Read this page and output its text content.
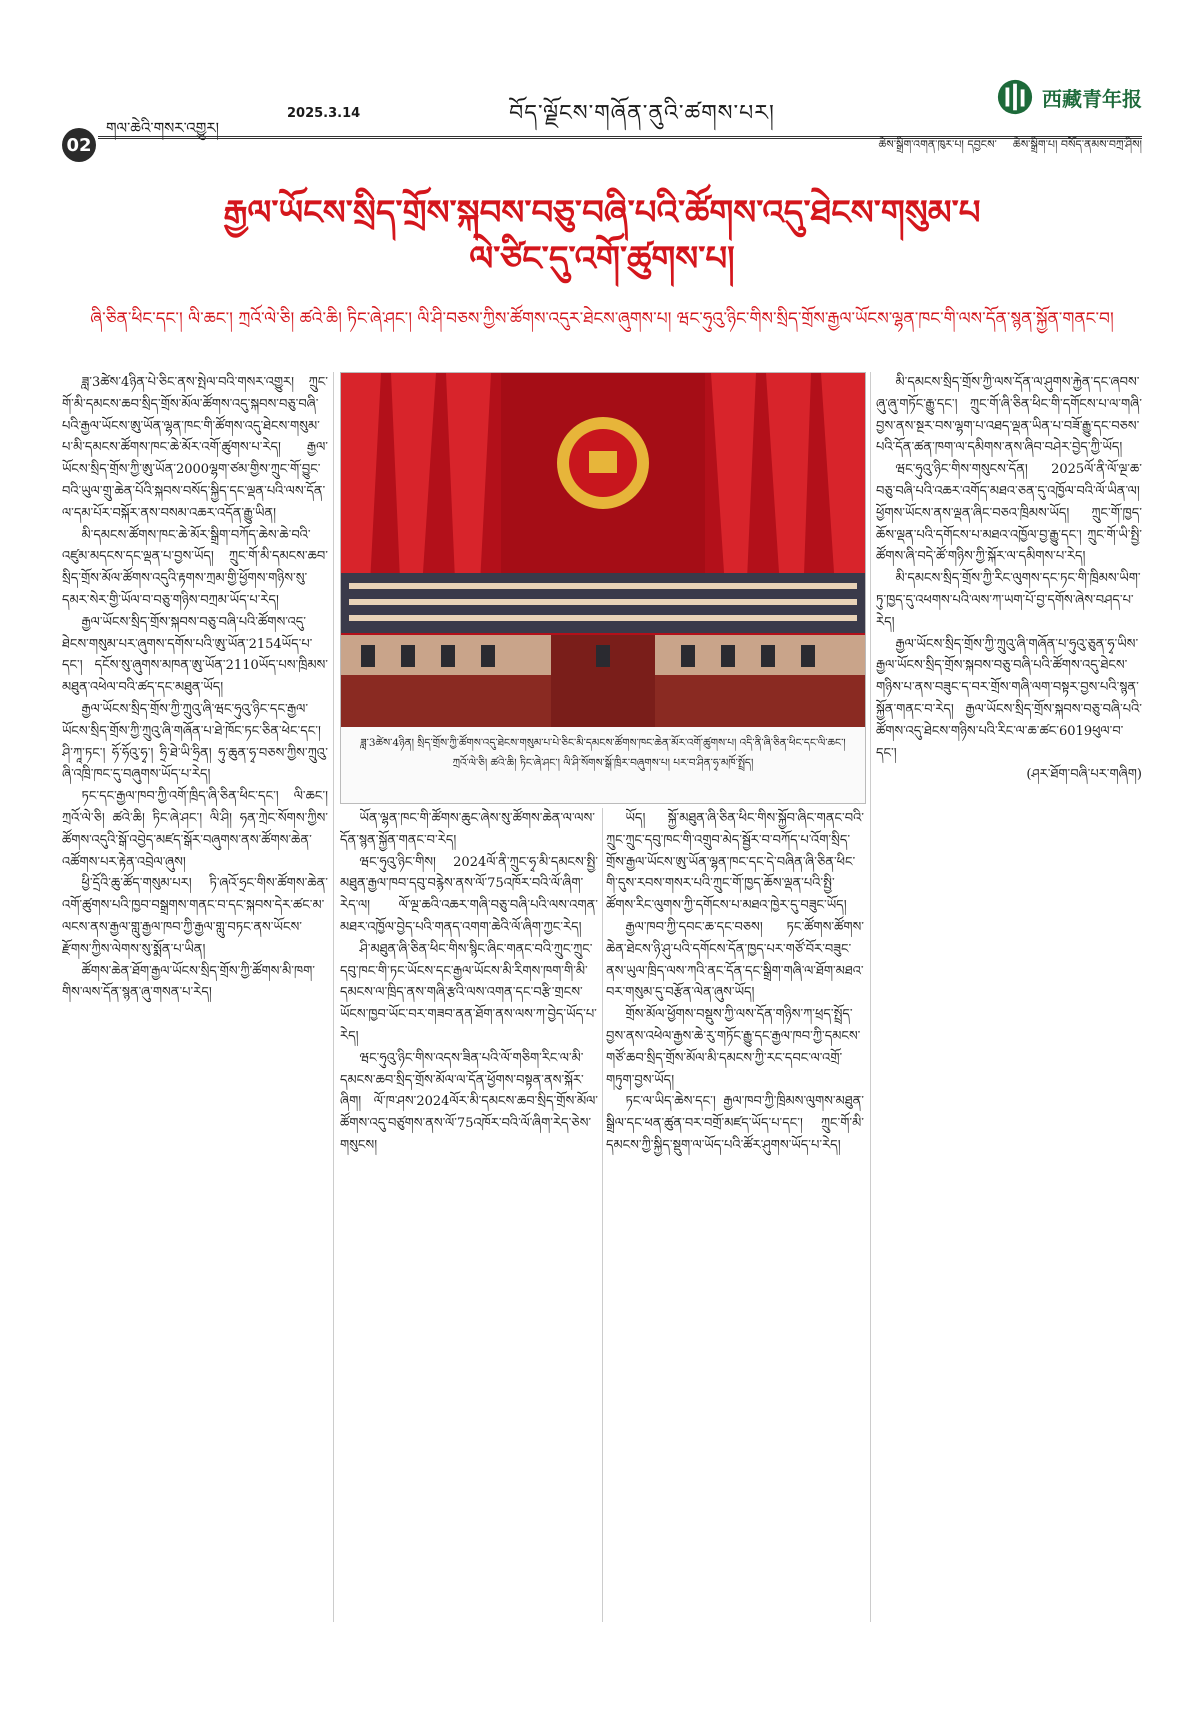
西藏青年报
བོད་ལྗོངས་གཞོན་ནུའི་ཚགས་པར།
02
གལ་ཆེའི་གསར་འགྱུར།
2025.3.14
ཆེས་སྒྲིག་འགན་ཁུར་པ། དབྱངས་ ཆེས་སྒྲིག་པ། བསོད་ནམས་བཀྲ་ཤིས།
རྒྱལ་ཡོངས་སྲིད་གྲོས་སྐབས་བཅུ་བཞི་པའི་ཚོགས་འདུ་ཐེངས་གསུམ་པ
ལེ་ཙིང་དུ་འགོ་ཚུགས་པ།
ཞི་ཅིན་ཕིང་དང་། ལི་ཆང་། ཀྲའོ་ལེ་ཅི། ཚའེ་ཆི། ཏིང་ཞེ་ཤང་། ལི་ཤི་བཅས་ཀྱིས་ཚོགས་འདུར་ཐེངས་ཞུགས་པ། ཝང་ཧུའུ་ཉིང་གིས་སྲིད་གྲོས་རྒྱལ་ཡོངས་ལྷན་ཁང་གི་ལས་དོན་སྙན་སྐྱོན་གནང་བ།
ཟླ་3ཚེས་4ཉིན། སྲིད་གྲོས་ཀྱི་ཚོགས་འདུ་ཐེངས་གསུམ་པ་པེ་ཅིང་མི་དམངས་ཚོགས་ཁང་ཆེན་མོར་འགོ་ཚུགས་པ། འདི་ནི་ཞི་ཅིན་ཕིང་དང་ལི་ཆང་། ཀྲའོ་ལེ་ཅི། ཚའེ་ཆི། ཏིང་ཞེ་ཤང་། ལི་ཤི་སོགས་སྒོ་ཁྲིར་བཞུགས་པ། པར་བ་ཤིན་ཧྭ་མཁོ་སྤྲོད།

ཟླ་3ཚེས་4ཉིན་པེ་ཅིང་ནས་སྤེལ་བའི་གསར་འགྱུར། ཀྲུང་གོ་མི་དམངས་ཆབ་སྲིད་གྲོས་མོལ་ཚོགས་འདུ་སྐབས་བཅུ་བཞི་པའི་རྒྱལ་ཡོངས་ཨུ་ཡོན་ལྷན་ཁང་གི་ཚོགས་འདུ་ཐེངས་གསུམ་པ་མི་དམངས་ཚོགས་ཁང་ཆེ་མོར་འགོ་ཚུགས་པ་རེད། རྒྱལ་ཡོངས་སྲིད་གྲོས་ཀྱི་ཨུ་ཡོན་2000ལྷག་ཙམ་གྱིས་ཀྲུང་གོ་བྱུང་བའི་ཡུལ་གྲུ་ཆེན་པོའི་སྐབས་བསོད་སྐྱིད་དང་ལྡན་པའི་ལས་དོན་ལ་དམ་པོར་བསྐོར་ནས་བསམ་འཆར་འདོན་རྒྱུ་ཡིན།

མི་དམངས་ཚོགས་ཁང་ཆེ་མོར་སྒྲིག་བཀོད་ཆེས་ཆེ་བའི་འཛུམ་མདངས་དང་ལྡན་པ་བྱས་ཡོད། ཀྲུང་གོ་མི་དམངས་ཆབ་སྲིད་གྲོས་མོལ་ཚོགས་འདུའི་རྟགས་ཀྲམ་གྱི་ཕྱོགས་གཉིས་སུ་དམར་སེར་གྱི་ཡོལ་བ་བཅུ་གཉིས་བཀྲམ་ཡོད་པ་རེད།

རྒྱལ་ཡོངས་སྲིད་གྲོས་སྐབས་བཅུ་བཞི་པའི་ཚོགས་འདུ་ཐེངས་གསུམ་པར་ཞུགས་དགོས་པའི་ཨུ་ཡོན་2154ཡོད་པ་དང་། དངོས་སུ་ཞུགས་མཁན་ཨུ་ཡོན་2110ཡོད་པས་ཁྲིམས་མཐུན་འཕེལ་བའི་ཚད་དང་མཐུན་ཡོད།

རྒྱལ་ཡོངས་སྲིད་གྲོས་ཀྱི་ཀྲུའུ་ཞི་ཝང་ཧུའུ་ཉིང་དང་རྒྱལ་ཡོངས་སྲིད་གྲོས་ཀྱི་ཀྲུའུ་ཞི་གཞོན་པ་ཐེ་ཁོང་ཏང་ཅིན་ཕེང་དང་། ཤི་ཀཱ་ཏང་། ཧོ་ཧོའུ་ཧྭ་། ཧྲི་ཐེ་ཡི་ཧྲིན། ཧུ་ཆུན་ཧྭ་བཅས་ཀྱིས་ཀྲུའུ་ཞི་འཁྲི་ཁང་དུ་བཞུགས་ཡོད་པ་རེད།

ཏང་དང་རྒྱལ་ཁབ་ཀྱི་འགོ་ཁྲིད་ཞི་ཅིན་ཕིང་དང་། ལི་ཆང་། ཀྲའོ་ལེ་ཅི། ཚའེ་ཆི། ཏིང་ཞེ་ཤང་། ལི་ཤི། ཧན་ཀྲེང་སོགས་ཀྱིས་ཚོགས་འདུའི་སྒོ་འབྱེད་མཛད་སྒོར་བཞུགས་ནས་ཚོགས་ཆེན་འཚོགས་པར་རྟེན་འབྲེལ་ཞུས།

ཕྱི་དྲོའི་ཆུ་ཚོད་གསུམ་པར། ཏི་ཞའོ་ཧྲང་གིས་ཚོགས་ཆེན་འགོ་ཚུགས་པའི་ཁྱབ་བསྒྲགས་གནང་བ་དང་སྐབས་དེར་ཚང་མ་ལངས་ནས་རྒྱལ་གླུ་རྒྱལ་ཁབ་ཀྱི་རྒྱལ་གླུ་བཏང་ནས་ཡོངས་རྫོགས་ཀྱིས་ལེགས་སུ་སྨོན་པ་ཡིན།

ཚོགས་ཆེན་ཐོག་རྒྱལ་ཡོངས་སྲིད་གྲོས་ཀྱི་ཚོགས་མི་ཁག་གིས་ལས་དོན་སྙན་ཞུ་གསན་པ་རེད།

ཡོན་ལྷན་ཁང་གི་ཚོགས་ཆུང་ཞེས་སུ་ཚོགས་ཆེན་ལ་ལས་དོན་སྙན་སྐྱོན་གནང་བ་རེད།

ཝང་ཧུའུ་ཉིང་གིས། 2024ལོ་ནི་ཀྲུང་ཧྭ་མི་དམངས་སྤྱི་མཐུན་རྒྱལ་ཁབ་དབུ་བརྙེས་ནས་ལོ་75འཁོར་བའི་ལོ་ཞིག་རེད་ལ། ལོ་ལྔ་ཆའི་འཆར་གཞི་བཅུ་བཞི་པའི་ལས་འགན་མཐར་འཁྱོལ་བྱེད་པའི་གནད་འགག་ཆེའི་ལོ་ཞིག་ཀྱང་རེད།

ཤི་མཐུན་ཞི་ཅིན་ཕིང་གིས་སྙིང་ཞིང་གནང་བའི་ཀྲུང་ཀྲུང་དབུ་ཁང་གི་ཏང་ཡོངས་དང་རྒྱལ་ཡོངས་མི་རིགས་ཁག་གི་མི་དམངས་ལ་ཁྲིད་ནས་གཞི་རྩའི་ལས་འགན་དང་བརྩི་གྲངས་ཡོངས་ཁྱབ་ཡོང་བར་གཟབ་ནན་ཐོག་ནས་ལས་ཀ་བྱེད་ཡོད་པ་རེད།

ཝང་ཧུའུ་ཉིང་གིས་འདས་ཟིན་པའི་ལོ་གཅིག་རིང་ལ་མི་དམངས་ཆབ་སྲིད་གྲོས་མོལ་ལ་དོན་ཕྱོགས་བསྟན་ནས་སྐོར་ཞིག། ལོ་ཁ་ཤས་2024ལོར་མི་དམངས་ཆབ་སྲིད་གྲོས་མོལ་ཚོགས་འདུ་བཙུགས་ནས་ལོ་75འཁོར་བའི་ལོ་ཞིག་རེད་ཅེས་གསུངས།

ཡོད། སྐྱོ་མཐུན་ཞི་ཅིན་ཕིང་གིས་སྐྱོབ་ཞིང་གནང་བའི་ཀྲུང་ཀྲུང་དབུ་ཁང་གི་འགྲུབ་མེད་སྦྱོར་བ་བཀོད་པ་འོག་སྲིད་གྲོས་རྒྱལ་ཡོངས་ཨུ་ཡོན་ལྷན་ཁང་དང་དེ་བཞིན་ཞི་ཅིན་ཕིང་གི་དུས་རབས་གསར་པའི་ཀྲུང་གོ་ཁྱད་ཆོས་ལྡན་པའི་སྤྱི་ཚོགས་རིང་ལུགས་ཀྱི་དགོངས་པ་མཐའ་ཁྱེར་དུ་བཟུང་ཡོད།

རྒྱལ་ཁབ་ཀྱི་དབང་ཆ་དང་བཅས། ཏང་ཚོགས་ཚོགས་ཆེན་ཐེངས་ཉི་ཤུ་པའི་དགོངས་དོན་ཁྱད་པར་གཙོ་བོར་བཟུང་ནས་ཡུལ་ཁྲིད་ལས་ཀའི་ནང་དོན་དང་སྒྲིག་གཞི་ལ་ཐོག་མཐའ་བར་གསུམ་དུ་བརྩོན་ལེན་ཞུས་ཡོད།

གྲོས་མོལ་ཕྱོགས་བསྡུས་ཀྱི་ལས་དོན་གཉིས་ཀ་ཕྲད་སྤྲོད་བྱས་ནས་འཕེལ་རྒྱས་ཆེ་རུ་གཏོང་རྒྱུ་དང་རྒྱལ་ཁབ་ཀྱི་དམངས་གཙོ་ཆབ་སྲིད་གྲོས་མོལ་མི་དམངས་ཀྱི་རང་དབང་ལ་འགྲོ་གཏུག་བྱས་ཡོད།

ཏང་ལ་ཡིད་ཆེས་དང་། རྒྱལ་ཁབ་ཀྱི་ཁྲིམས་ལུགས་མཐུན་སྒྲིལ་དང་ཕན་ཚུན་བར་བགྲོ་མཛད་ཡོད་པ་དང་། ཀྲུང་གོ་མི་དམངས་ཀྱི་སྐྱིད་སྡུག་ལ་ཡོད་པའི་ཚོར་ཤུགས་ཡོད་པ་རེད།

མི་དམངས་སྲིད་གྲོས་ཀྱི་ལས་དོན་ལ་ཤུགས་རྐྱེན་དང་ཞབས་ཞུ་ཞུ་གཏོང་རྒྱུ་དང་། ཀྲུང་གོ་ཞི་ཅིན་ཕིང་གི་དགོངས་པ་ལ་གཞི་བྱས་ནས་སྔར་བས་ལྷག་པ་འཐད་ལྡན་ཡིན་པ་བཟོ་རྒྱུ་དང་བཅས་པའི་དོན་ཚན་ཁག་ལ་དམིགས་ནས་ཞིབ་བཤེར་བྱེད་ཀྱི་ཡོད།

ཝང་ཧུའུ་ཉིང་གིས་གསུངས་དོན། 2025ལོ་ནི་ལོ་ལྔ་ཆ་བཅུ་བཞི་པའི་འཆར་འགོད་མཐའ་ཅན་དུ་འཁྱོལ་བའི་ལོ་ཡིན་ལ། ཕྱོགས་ཡོངས་ནས་ལྡན་ཞིང་བཅའ་ཁྲིམས་ཡོད། ཀྲུང་གོ་ཁྱད་ཆོས་ལྡན་པའི་དགོངས་པ་མཐའ་འཁྱོལ་བྱ་རྒྱུ་དང་། ཀྲུང་གོ་ཡི་སྤྱི་ཚོགས་ཞི་བདེ་ཚོ་གཉིས་ཀྱི་སྐོར་ལ་དམིགས་པ་རེད།

མི་དམངས་སྲིད་གྲོས་ཀྱི་རིང་ལུགས་དང་ཏང་གི་ཁྲིམས་ཡིག་ཏུ་ཁྱད་དུ་འཕགས་པའི་ལས་ཀ་ཡག་པོ་བྱ་དགོས་ཞེས་བཤད་པ་རེད།

རྒྱལ་ཡོངས་སྲིད་གྲོས་ཀྱི་ཀྲུའུ་ཞི་གཞོན་པ་ཧུའུ་ཅུན་ཧྭ་ཡིས་རྒྱལ་ཡོངས་སྲིད་གྲོས་སྐབས་བཅུ་བཞི་པའི་ཚོགས་འདུ་ཐེངས་གཉིས་པ་ནས་བཟུང་ད་བར་གྲོས་གཞི་ལག་བསྟར་བྱས་པའི་སྙན་སྐྱོན་གནང་བ་རེད། རྒྱལ་ཡོངས་སྲིད་གྲོས་སྐབས་བཅུ་བཞི་པའི་ཚོགས་འདུ་ཐེངས་གཉིས་པའི་རིང་ལ་ཆ་ཚང་6019ཕུལ་བ་དང་།

(ཤར་ཐོག་བཞི་པར་གཞིག)
